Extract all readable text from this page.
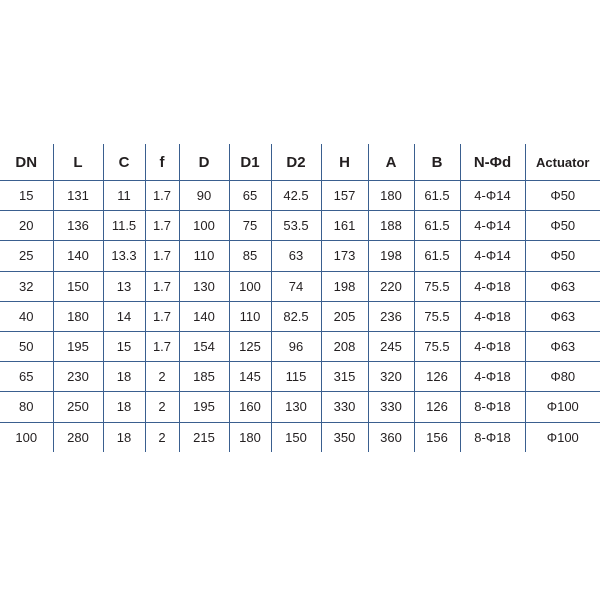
DN	L	C	f	D	D1	D2	H	A	B	N-Φd	Actuator
15	131	11	1.7	90	65	42.5	157	180	61.5	4-Φ14	Φ50
20	136	11.5	1.7	100	75	53.5	161	188	61.5	4-Φ14	Φ50
25	140	13.3	1.7	110	85	63	173	198	61.5	4-Φ14	Φ50
32	150	13	1.7	130	100	74	198	220	75.5	4-Φ18	Φ63
40	180	14	1.7	140	110	82.5	205	236	75.5	4-Φ18	Φ63
50	195	15	1.7	154	125	96	208	245	75.5	4-Φ18	Φ63
65	230	18	2	185	145	115	315	320	126	4-Φ18	Φ80
80	250	18	2	195	160	130	330	330	126	8-Φ18	Φ100
100	280	18	2	215	180	150	350	360	156	8-Φ18	Φ100
